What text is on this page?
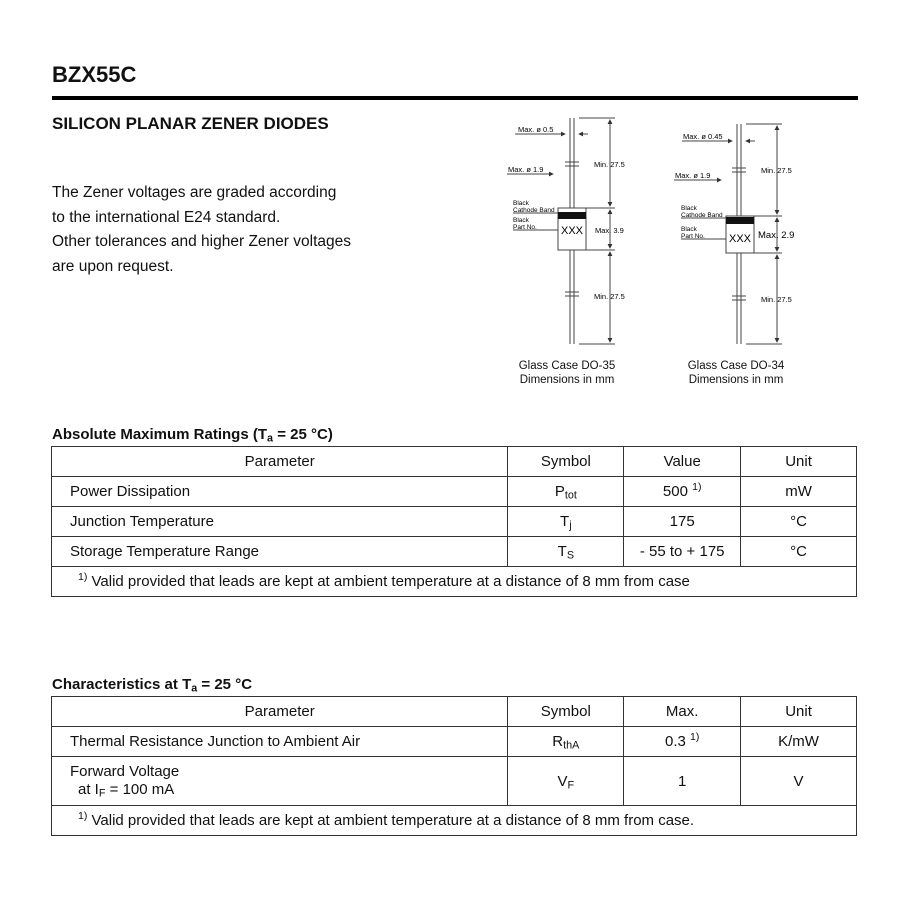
BZX55C
SILICON PLANAR ZENER DIODES
The Zener voltages are graded according
to the international E24 standard.
Other tolerances and higher Zener voltages
are upon request.
XXX
Max. ø 0.5
Max. ø 1.9
Black
Cathode Band
Black
Part No.
Min. 27.5
Max. 3.9
Min. 27.5
XXX
Max. ø 0.45
Max. ø 1.9
Black
Cathode Band
Black
Part No.
Min. 27.5
Max. 2.9
Min. 27.5
Glass Case DO-35
Dimensions in mm
Glass Case DO-34
Dimensions in mm
Absolute Maximum Ratings ($T_a = 25$ °C)
Parameter	Symbol	Value	Unit
Power Dissipation	$P_{tot}$	500 $^{1)}$	mW
Junction Temperature	$T_j$	175	°C
Storage Temperature Range	$T_S$	- 55 to + 175	°C
$^{1)}$ Valid provided that leads are kept at ambient temperature at a distance of 8 mm from case			
Characteristics at $T_a = 25$ °C
Parameter	Symbol	Max.	Unit
Thermal Resistance Junction to Ambient Air	$R_{thA}$	0.3 $^{1)}$	K/mW

Forward Voltage
at $I_F = 100$ mA	$V_F$	1	V
$^{1)}$ Valid provided that leads are kept at ambient temperature at a distance of 8 mm from case.			
